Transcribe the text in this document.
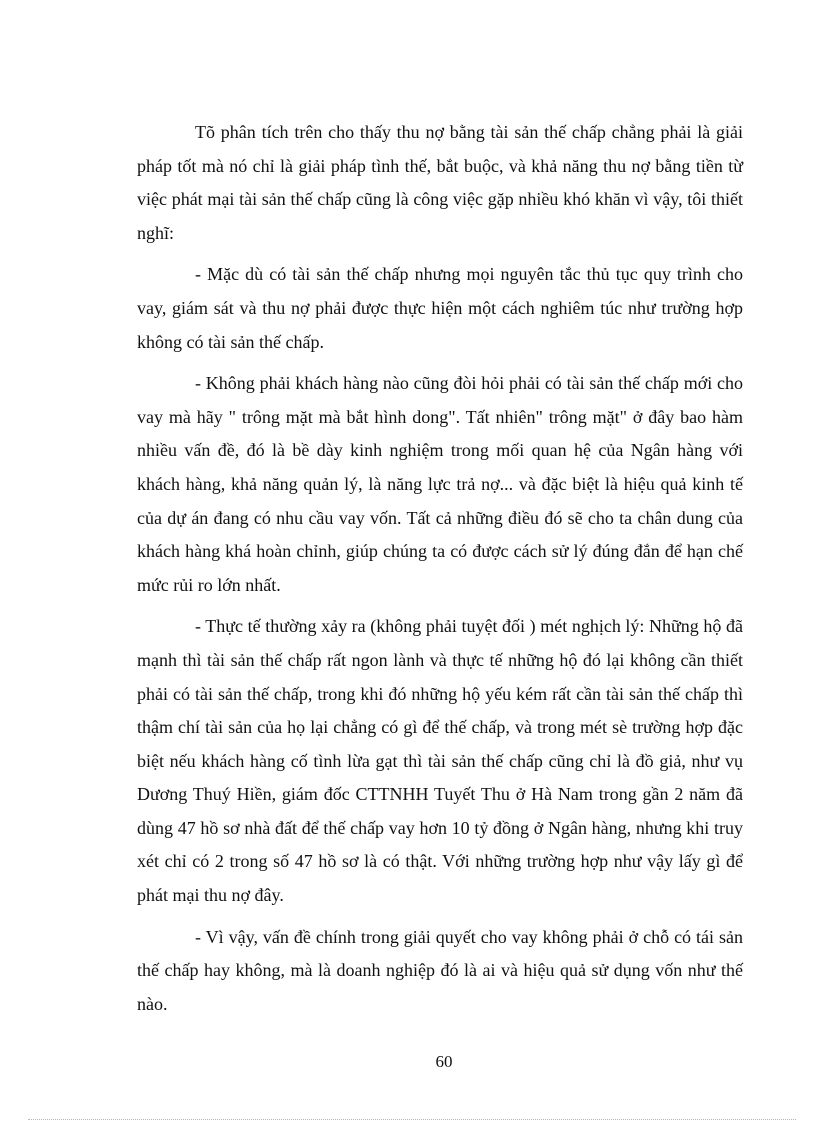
Tõ phân tích trên cho thấy thu nợ bằng tài sản thế chấp chẳng phải là giải pháp tốt mà nó chỉ là giải pháp tình thế, bắt buộc, và khả năng thu nợ bằng tiền từ việc phát mại tài sản thế chấp cũng là công việc gặp nhiều khó khăn vì vậy, tôi thiết nghĩ:

- Mặc dù có tài sản thế chấp nhưng mọi nguyên tắc thủ tục quy trình cho vay, giám sát và thu nợ phải được thực hiện một cách nghiêm túc như trường hợp không có tài sản thế chấp.

- Không phải khách hàng nào cũng đòi hỏi phải có tài sản thế chấp mới cho vay mà hãy " trông mặt mà bắt hình dong". Tất nhiên" trông mặt" ở đây bao hàm nhiều vấn đề, đó là bề dày kinh nghiệm trong mối quan hệ của Ngân hàng với khách hàng, khả năng quản lý, là năng lực trả nợ... và đặc biệt là hiệu quả kinh tế của dự án đang có nhu cầu vay vốn. Tất cả những điều đó sẽ cho ta chân dung của khách hàng khá hoàn chỉnh, giúp chúng ta có được cách sử lý đúng đắn để hạn chế mức rủi ro lớn nhất.

- Thực tế thường xảy ra (không phải tuyệt đối ) mét nghịch lý: Những hộ đã mạnh thì tài sản thế chấp rất ngon lành và thực tế những hộ đó lại không cần thiết phải có tài sản thế chấp, trong khi đó những hộ yếu kém rất cần tài sản thế chấp thì thậm chí tài sản của họ lại chẳng có gì để thế chấp, và trong mét sè trường hợp đặc biệt nếu khách hàng cố tình lừa gạt thì tài sản thế chấp cũng chỉ là đồ giả, như vụ Dương Thuý Hiền, giám đốc CTTNHH Tuyết Thu ở Hà Nam trong gần 2 năm đã dùng 47 hồ sơ nhà đất để thế chấp vay hơn 10 tỷ đồng ở Ngân hàng, nhưng khi truy xét chỉ có 2 trong số 47 hồ sơ là có thật. Với những trường hợp như vậy lấy gì để phát mại thu nợ đây.

- Vì vậy, vấn đề chính trong giải quyết cho vay không phải ở chỗ có tái sản thế chấp hay không, mà là doanh nghiệp đó là ai và hiệu quả sử dụng vốn như thế nào.

60
